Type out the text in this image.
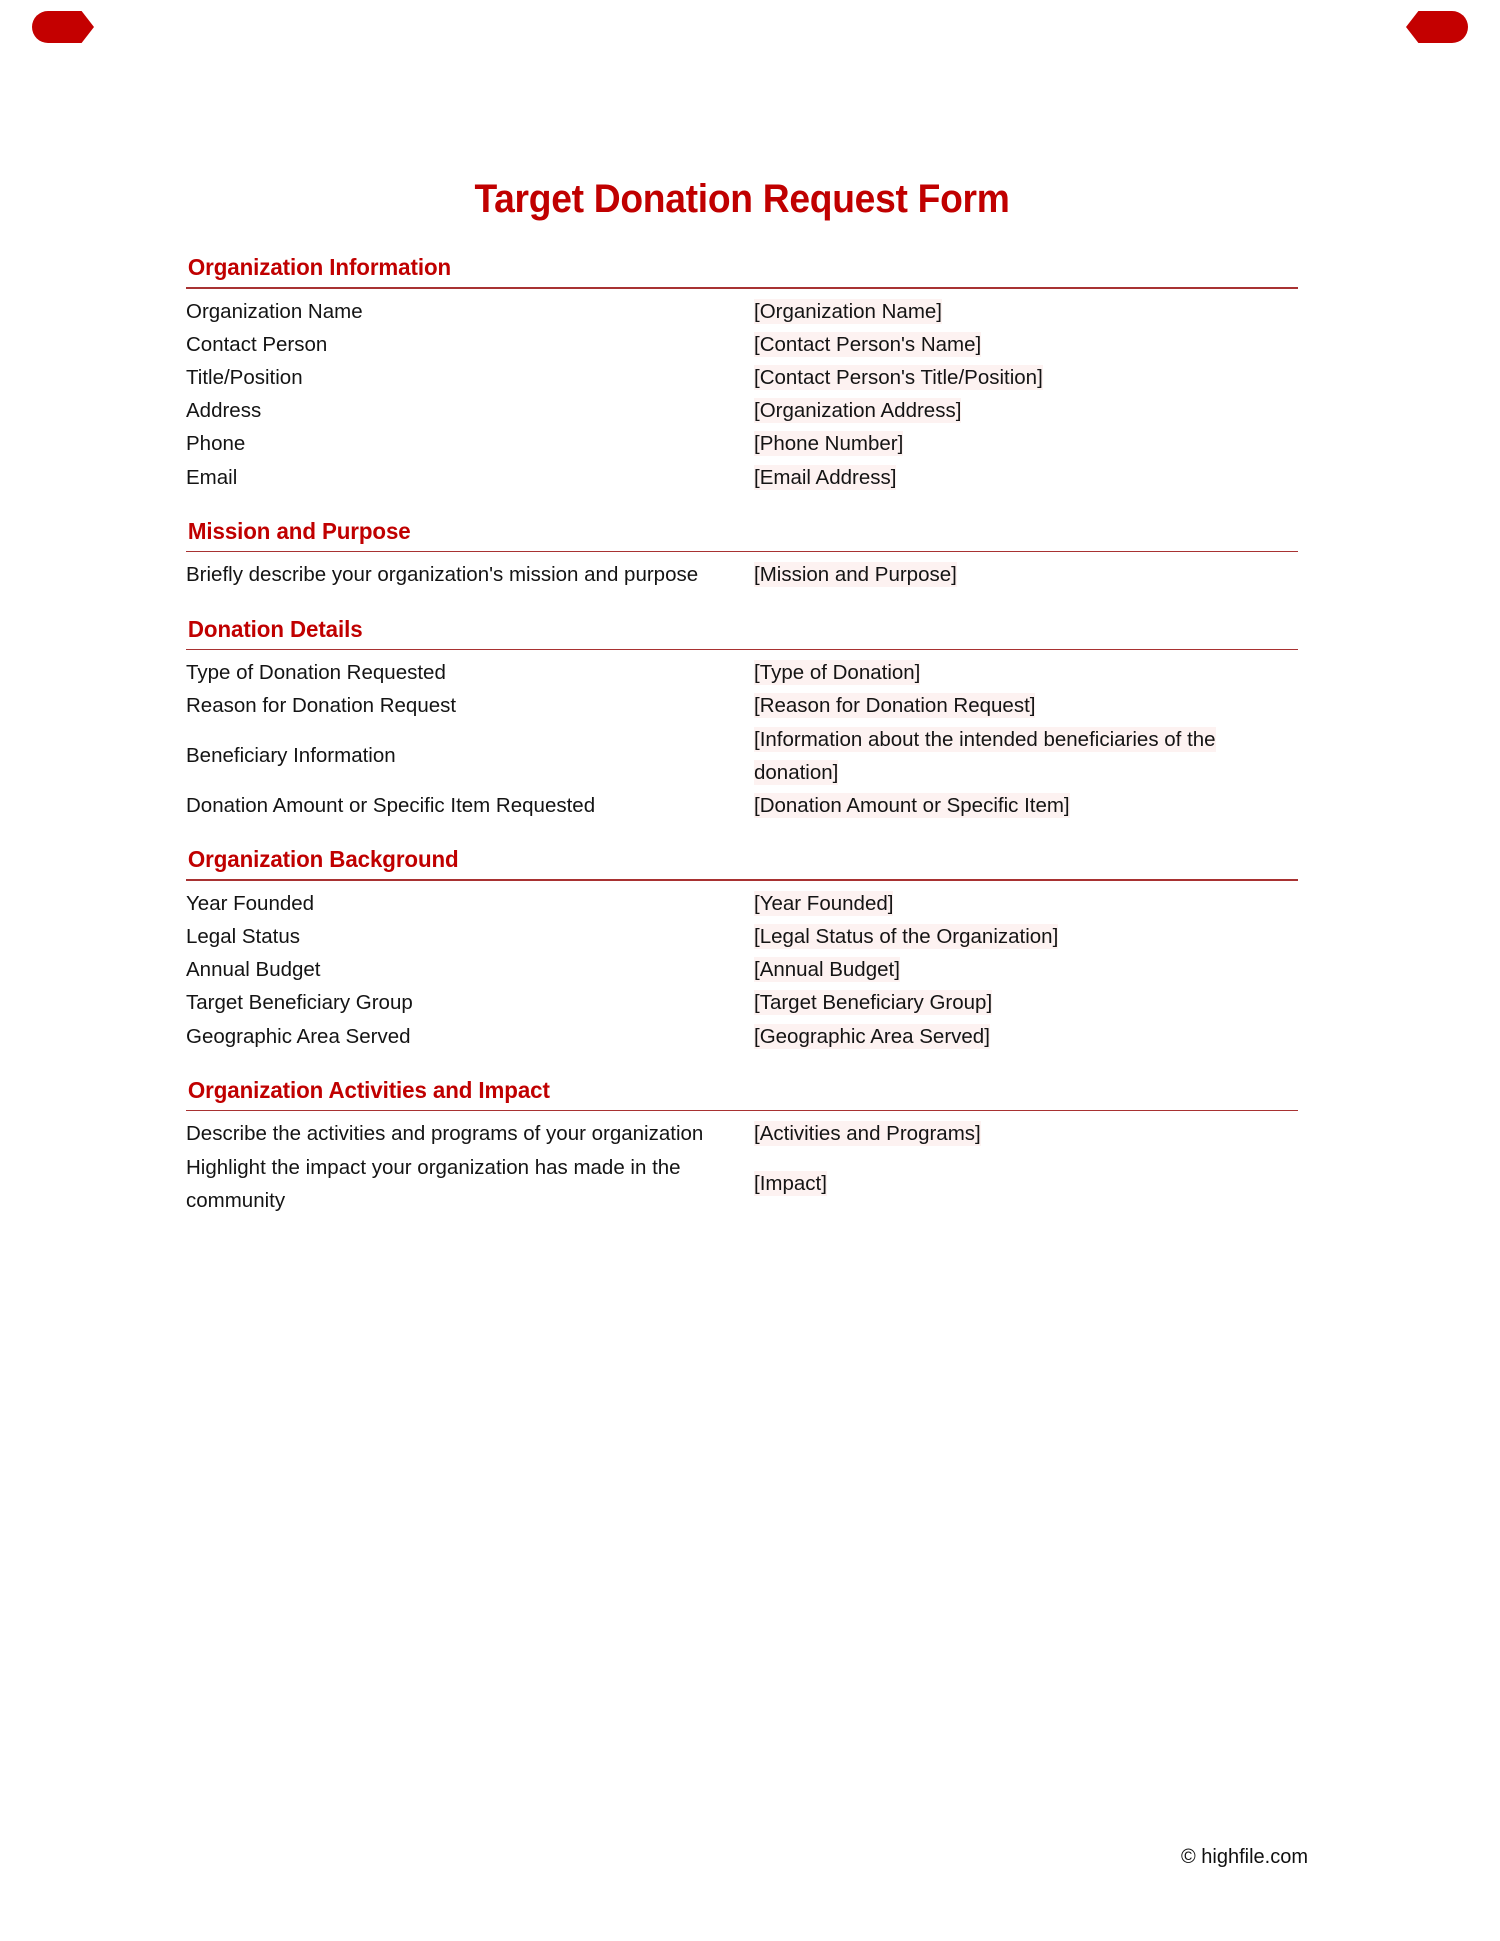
Target Donation Request Form
Organization Information
Organization Name	[Organization Name]
Contact Person	[Contact Person's Name]
Title/Position	[Contact Person's Title/Position]
Address	[Organization Address]
Phone	[Phone Number]
Email	[Email Address]
Mission and Purpose
Briefly describe your organization's mission and purpose	[Mission and Purpose]
Donation Details
Type of Donation Requested	[Type of Donation]
Reason for Donation Request	[Reason for Donation Request]
Beneficiary Information	[Information about the intended beneficiaries of the donation]
Donation Amount or Specific Item Requested	[Donation Amount or Specific Item]
Organization Background
Year Founded	[Year Founded]
Legal Status	[Legal Status of the Organization]
Annual Budget	[Annual Budget]
Target Beneficiary Group	[Target Beneficiary Group]
Geographic Area Served	[Geographic Area Served]
Organization Activities and Impact
Describe the activities and programs of your organization	[Activities and Programs]
Highlight the impact your organization has made in the community	[Impact]
© highfile.com
